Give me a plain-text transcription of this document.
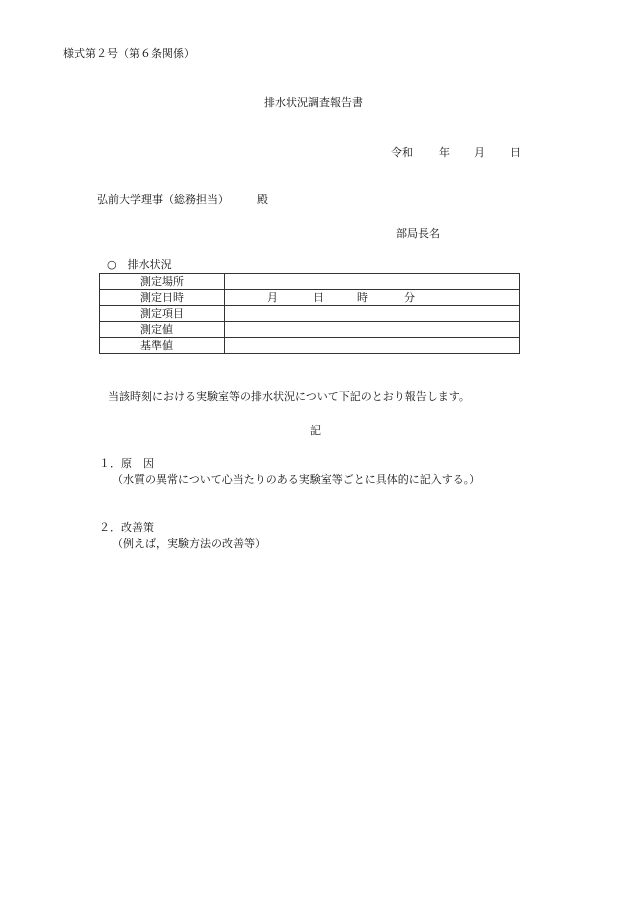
様式第２号（第６条関係）
排水状況調査報告書
令和 年 月 日
弘前大学理事（総務担当）	殿
部局長名
○　排水状況
測定場所	
測定日時	月 日 時 分

測定項目	
測定値	
基準値	
当該時刻における実験室等の排水状況について下記のとおり報告します。
記
１．原　因
（水質の異常について心当たりのある実験室等ごとに具体的に記入する。）
２．改善策
（例えば，実験方法の改善等）
